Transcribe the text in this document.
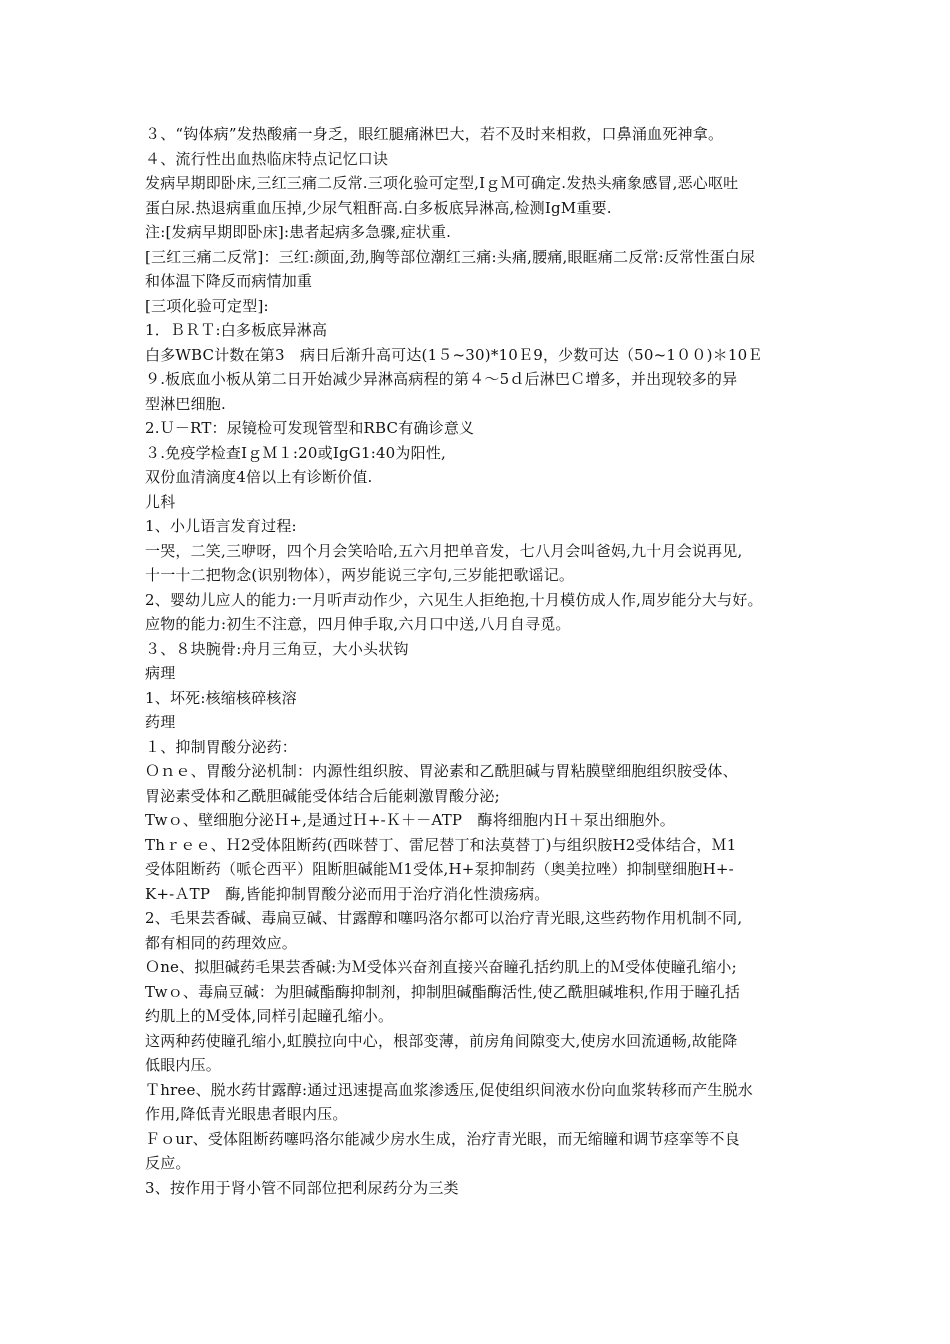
３、“钩体病”发热酸痛一身乏，眼红腿痛淋巴大，若不及时来相救，口鼻涌血死神拿。
４、流行性出血热临床特点记忆口诀
发病早期即卧床,三红三痛二反常.三项化验可定型,IｇＭ可确定.发热头痛象感冒,恶心呕吐
蛋白尿.热退病重血压掉,少尿气粗酐高.白多板底异淋高,检测IgM重要.
注:[发病早期即卧床]:患者起病多急骤,症状重.
[三红三痛二反常]：三红:颜面,劲,胸等部位潮红三痛:头痛,腰痛,眼眶痛二反常:反常性蛋白尿
和体温下降反而病情加重
[三项化验可定型]:
1．ＢＲＴ:白多板底异淋高
白多WBC计数在第3　病日后渐升高可达(1５~30)*10Ｅ9，少数可达（50~1００)＊10Ｅ
９.板底血小板从第二日开始减少异淋高病程的第４～5ｄ后淋巴Ｃ增多，并出现较多的异
型淋巴细胞.
2.Ｕ－RT：尿镜检可发现管型和RBC有确诊意义
３.免疫学检查IｇＭ１:20或IgG1:40为阳性,
双份血清滴度4倍以上有诊断价值.
儿科
1、小儿语言发育过程:
一哭，二笑,三咿呀，四个月会笑哈哈,五六月把单音发，七八月会叫爸妈,九十月会说再见,
十一十二把物念(识别物体），两岁能说三字句,三岁能把歌谣记。
2、婴幼儿应人的能力:一月听声动作少，六见生人拒绝抱,十月模仿成人作,周岁能分大与好。
应物的能力:初生不注意，四月伸手取,六月口中送,八月自寻觅。
３、８块腕骨:舟月三角豆，大小头状钩
病理
1、坏死:核缩核碎核溶
药理
１、抑制胃酸分泌药：
Ｏｎｅ、胃酸分泌机制：内源性组织胺、胃泌素和乙酰胆碱与胃粘膜壁细胞组织胺受体、
胃泌素受体和乙酰胆碱能受体结合后能刺激胃酸分泌;
Twｏ、壁细胞分泌Ｈ+,是通过Ｈ+-Ｋ＋－ATP　酶将细胞内Ｈ＋泵出细胞外。
Thｒｅｅ、Ｈ2受体阻断药(西咪替丁、雷尼替丁和法莫替丁)与组织胺H2受体结合，Ｍ1
受体阻断药（哌仑西平）阻断胆碱能Ｍ1受体,H+泵抑制药（奥美拉唑）抑制壁细胞H+-
K+-ＡTP　酶,皆能抑制胃酸分泌而用于治疗消化性溃疡病。
2、毛果芸香碱、毒扁豆碱、甘露醇和噻吗洛尔都可以治疗青光眼,这些药物作用机制不同,
都有相同的药理效应。
Ｏne、拟胆碱药毛果芸香碱:为Ｍ受体兴奋剂直接兴奋瞳孔括约肌上的Ｍ受体使瞳孔缩小;
Twｏ、毒扁豆碱：为胆碱酯酶抑制剂，抑制胆碱酯酶活性,使乙酰胆碱堆积,作用于瞳孔括
约肌上的Ｍ受体,同样引起瞳孔缩小。
这两种药使瞳孔缩小,虹膜拉向中心，根部变薄，前房角间隙变大,使房水回流通畅,故能降
低眼内压。
Ｔhree、脱水药甘露醇:通过迅速提高血浆渗透压,促使组织间液水份向血浆转移而产生脱水
作用,降低青光眼患者眼内压。
Ｆｏur、受体阻断药噻吗洛尔能减少房水生成，治疗青光眼，而无缩瞳和调节痉挛等不良
反应。
3、按作用于肾小管不同部位把利尿药分为三类
